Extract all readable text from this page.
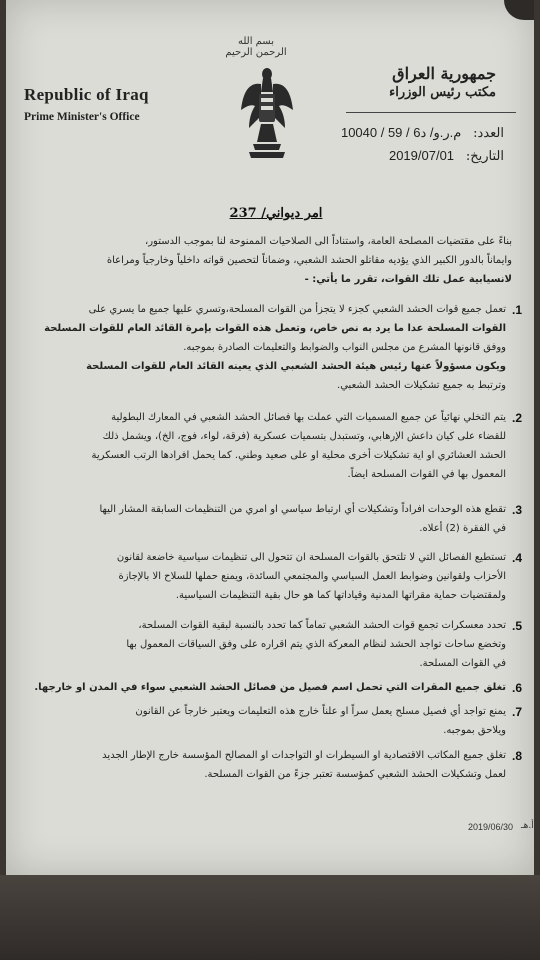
Republic of Iraq
Prime Minister's Office
بسم الله الرحمن الرحيم
جمهورية العراق
مكتب رئيس الوزراء
العدد: 10040 / 59 / م.ر.و/ د6
التاريخ: 2019/07/01
امر ديواني/ 237
بناءً على مقتضيات المصلحة العامة، واستناداً الى الصلاحيات الممنوحة لنا بموجب الدستور،
وايماناً بالدور الكبير الذي يؤديه مقاتلو الحشد الشعبي، وضماناً لتحصين قواته داخلياً وخارجياً ومراعاة
لانسيابية عمل تلك القوات، تقرر ما يأتي: -
1.
تعمل جميع قوات الحشد الشعبي كجزء لا يتجزأ من القوات المسلحة،وتسري عليها جميع ما يسري على
القوات المسلحة عدا ما يرد به نص خاص، وتعمل هذه القوات بإمرة القائد العام للقوات المسلحة
ووفق قانونها المشرع من مجلس النواب والضوابط والتعليمات الصادرة بموجبه.
ويكون مسؤولاً عنها رئيس هيئة الحشد الشعبي الذي يعينه القائد العام للقوات المسلحة
وترتبط به جميع تشكيلات الحشد الشعبي.
2.
يتم التخلي نهائياً عن جميع المسميات التي عملت بها فصائل الحشد الشعبي في المعارك البطولية
للقضاء على كيان داعش الإرهابي، وتستبدل بتسميات عسكرية (فرقة، لواء، فوج، الخ)، ويشمل ذلك
الحشد العشائري او اية تشكيلات أخرى محلية او على صعيد وطني. كما يحمل افرادها الرتب العسكرية
المعمول بها في القوات المسلحة ايضاً.
3.
تقطع هذه الوحدات افراداً وتشكيلات أي ارتباط سياسي او امري من التنظيمات السابقة المشار اليها
في الفقرة (2) أعلاه.
4.
تستطيع الفصائل التي لا تلتحق بالقوات المسلحة ان تتحول الى تنظيمات سياسية خاضعة لقانون
الأحزاب ولقوانين وضوابط العمل السياسي والمجتمعي السائدة، ويمنع حملها للسلاح الا بالإجازة
ولمقتضيات حماية مقراتها المدنية وقياداتها كما هو حال بقية التنظيمات السياسية.
5.
تحدد معسكرات تجمع قوات الحشد الشعبي تماماً كما تحدد بالنسبة لبقية القوات المسلحة،
وتخضع ساحات تواجد الحشد لنظام المعركة الذي يتم اقراره على وفق السياقات المعمول بها
في القوات المسلحة.
6.
تغلق جميع المقرات التي تحمل اسم فصيل من فصائل الحشد الشعبي سواء في المدن او خارجها.
7.
يمنع تواجد أي فصيل مسلح يعمل سراً او علناً خارج هذه التعليمات ويعتبر خارجاً عن القانون
ويلاحق بموجبه.
8.
تغلق جميع المكاتب الاقتصادية او السيطرات او التواجدات او المصالح المؤسسة خارج الإطار الجديد
لعمل وتشكيلات الحشد الشعبي كمؤسسة تعتبر جزءً من القوات المسلحة.
2019/06/30 أ.هـ
